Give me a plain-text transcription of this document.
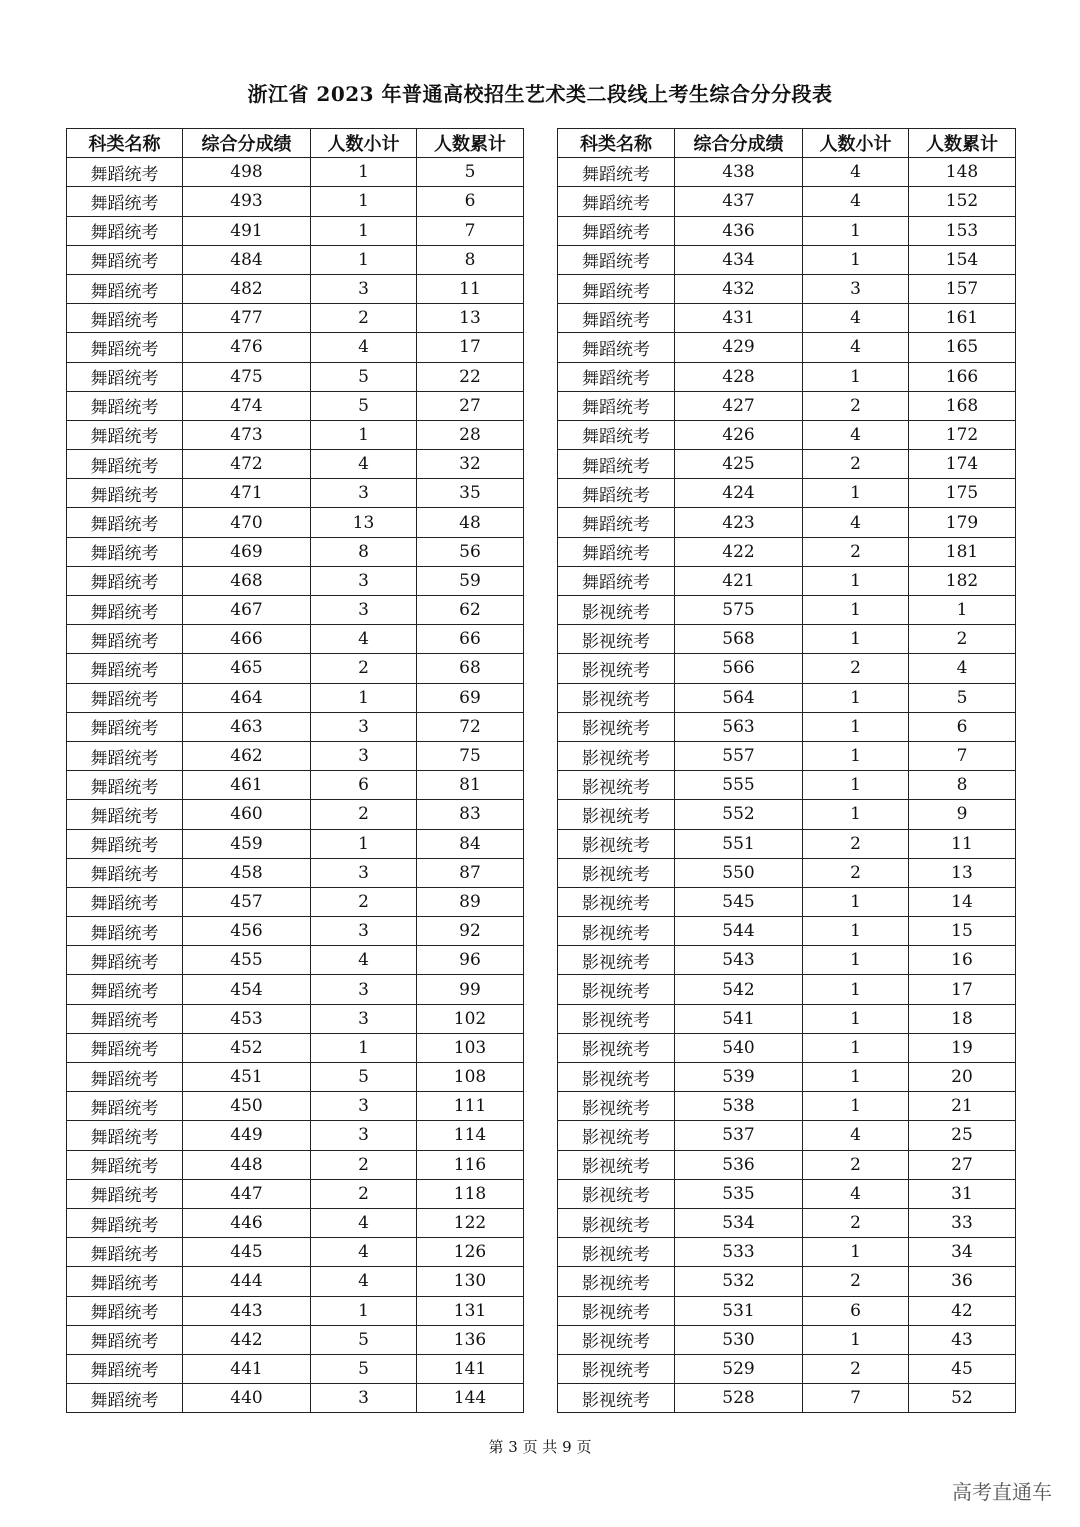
浙江省 2023 年普通高校招生艺术类二段线上考生综合分分段表
科类名称	综合分成绩	人数小计	人数累计
舞蹈统考	498	1	5
舞蹈统考	493	1	6
舞蹈统考	491	1	7
舞蹈统考	484	1	8
舞蹈统考	482	3	11
舞蹈统考	477	2	13
舞蹈统考	476	4	17
舞蹈统考	475	5	22
舞蹈统考	474	5	27
舞蹈统考	473	1	28
舞蹈统考	472	4	32
舞蹈统考	471	3	35
舞蹈统考	470	13	48
舞蹈统考	469	8	56
舞蹈统考	468	3	59
舞蹈统考	467	3	62
舞蹈统考	466	4	66
舞蹈统考	465	2	68
舞蹈统考	464	1	69
舞蹈统考	463	3	72
舞蹈统考	462	3	75
舞蹈统考	461	6	81
舞蹈统考	460	2	83
舞蹈统考	459	1	84
舞蹈统考	458	3	87
舞蹈统考	457	2	89
舞蹈统考	456	3	92
舞蹈统考	455	4	96
舞蹈统考	454	3	99
舞蹈统考	453	3	102
舞蹈统考	452	1	103
舞蹈统考	451	5	108
舞蹈统考	450	3	111
舞蹈统考	449	3	114
舞蹈统考	448	2	116
舞蹈统考	447	2	118
舞蹈统考	446	4	122
舞蹈统考	445	4	126
舞蹈统考	444	4	130
舞蹈统考	443	1	131
舞蹈统考	442	5	136
舞蹈统考	441	5	141
舞蹈统考	440	3	144
科类名称	综合分成绩	人数小计	人数累计
舞蹈统考	438	4	148
舞蹈统考	437	4	152
舞蹈统考	436	1	153
舞蹈统考	434	1	154
舞蹈统考	432	3	157
舞蹈统考	431	4	161
舞蹈统考	429	4	165
舞蹈统考	428	1	166
舞蹈统考	427	2	168
舞蹈统考	426	4	172
舞蹈统考	425	2	174
舞蹈统考	424	1	175
舞蹈统考	423	4	179
舞蹈统考	422	2	181
舞蹈统考	421	1	182
影视统考	575	1	1
影视统考	568	1	2
影视统考	566	2	4
影视统考	564	1	5
影视统考	563	1	6
影视统考	557	1	7
影视统考	555	1	8
影视统考	552	1	9
影视统考	551	2	11
影视统考	550	2	13
影视统考	545	1	14
影视统考	544	1	15
影视统考	543	1	16
影视统考	542	1	17
影视统考	541	1	18
影视统考	540	1	19
影视统考	539	1	20
影视统考	538	1	21
影视统考	537	4	25
影视统考	536	2	27
影视统考	535	4	31
影视统考	534	2	33
影视统考	533	1	34
影视统考	532	2	36
影视统考	531	6	42
影视统考	530	1	43
影视统考	529	2	45
影视统考	528	7	52
第 3 页 共 9 页
高考直通车
